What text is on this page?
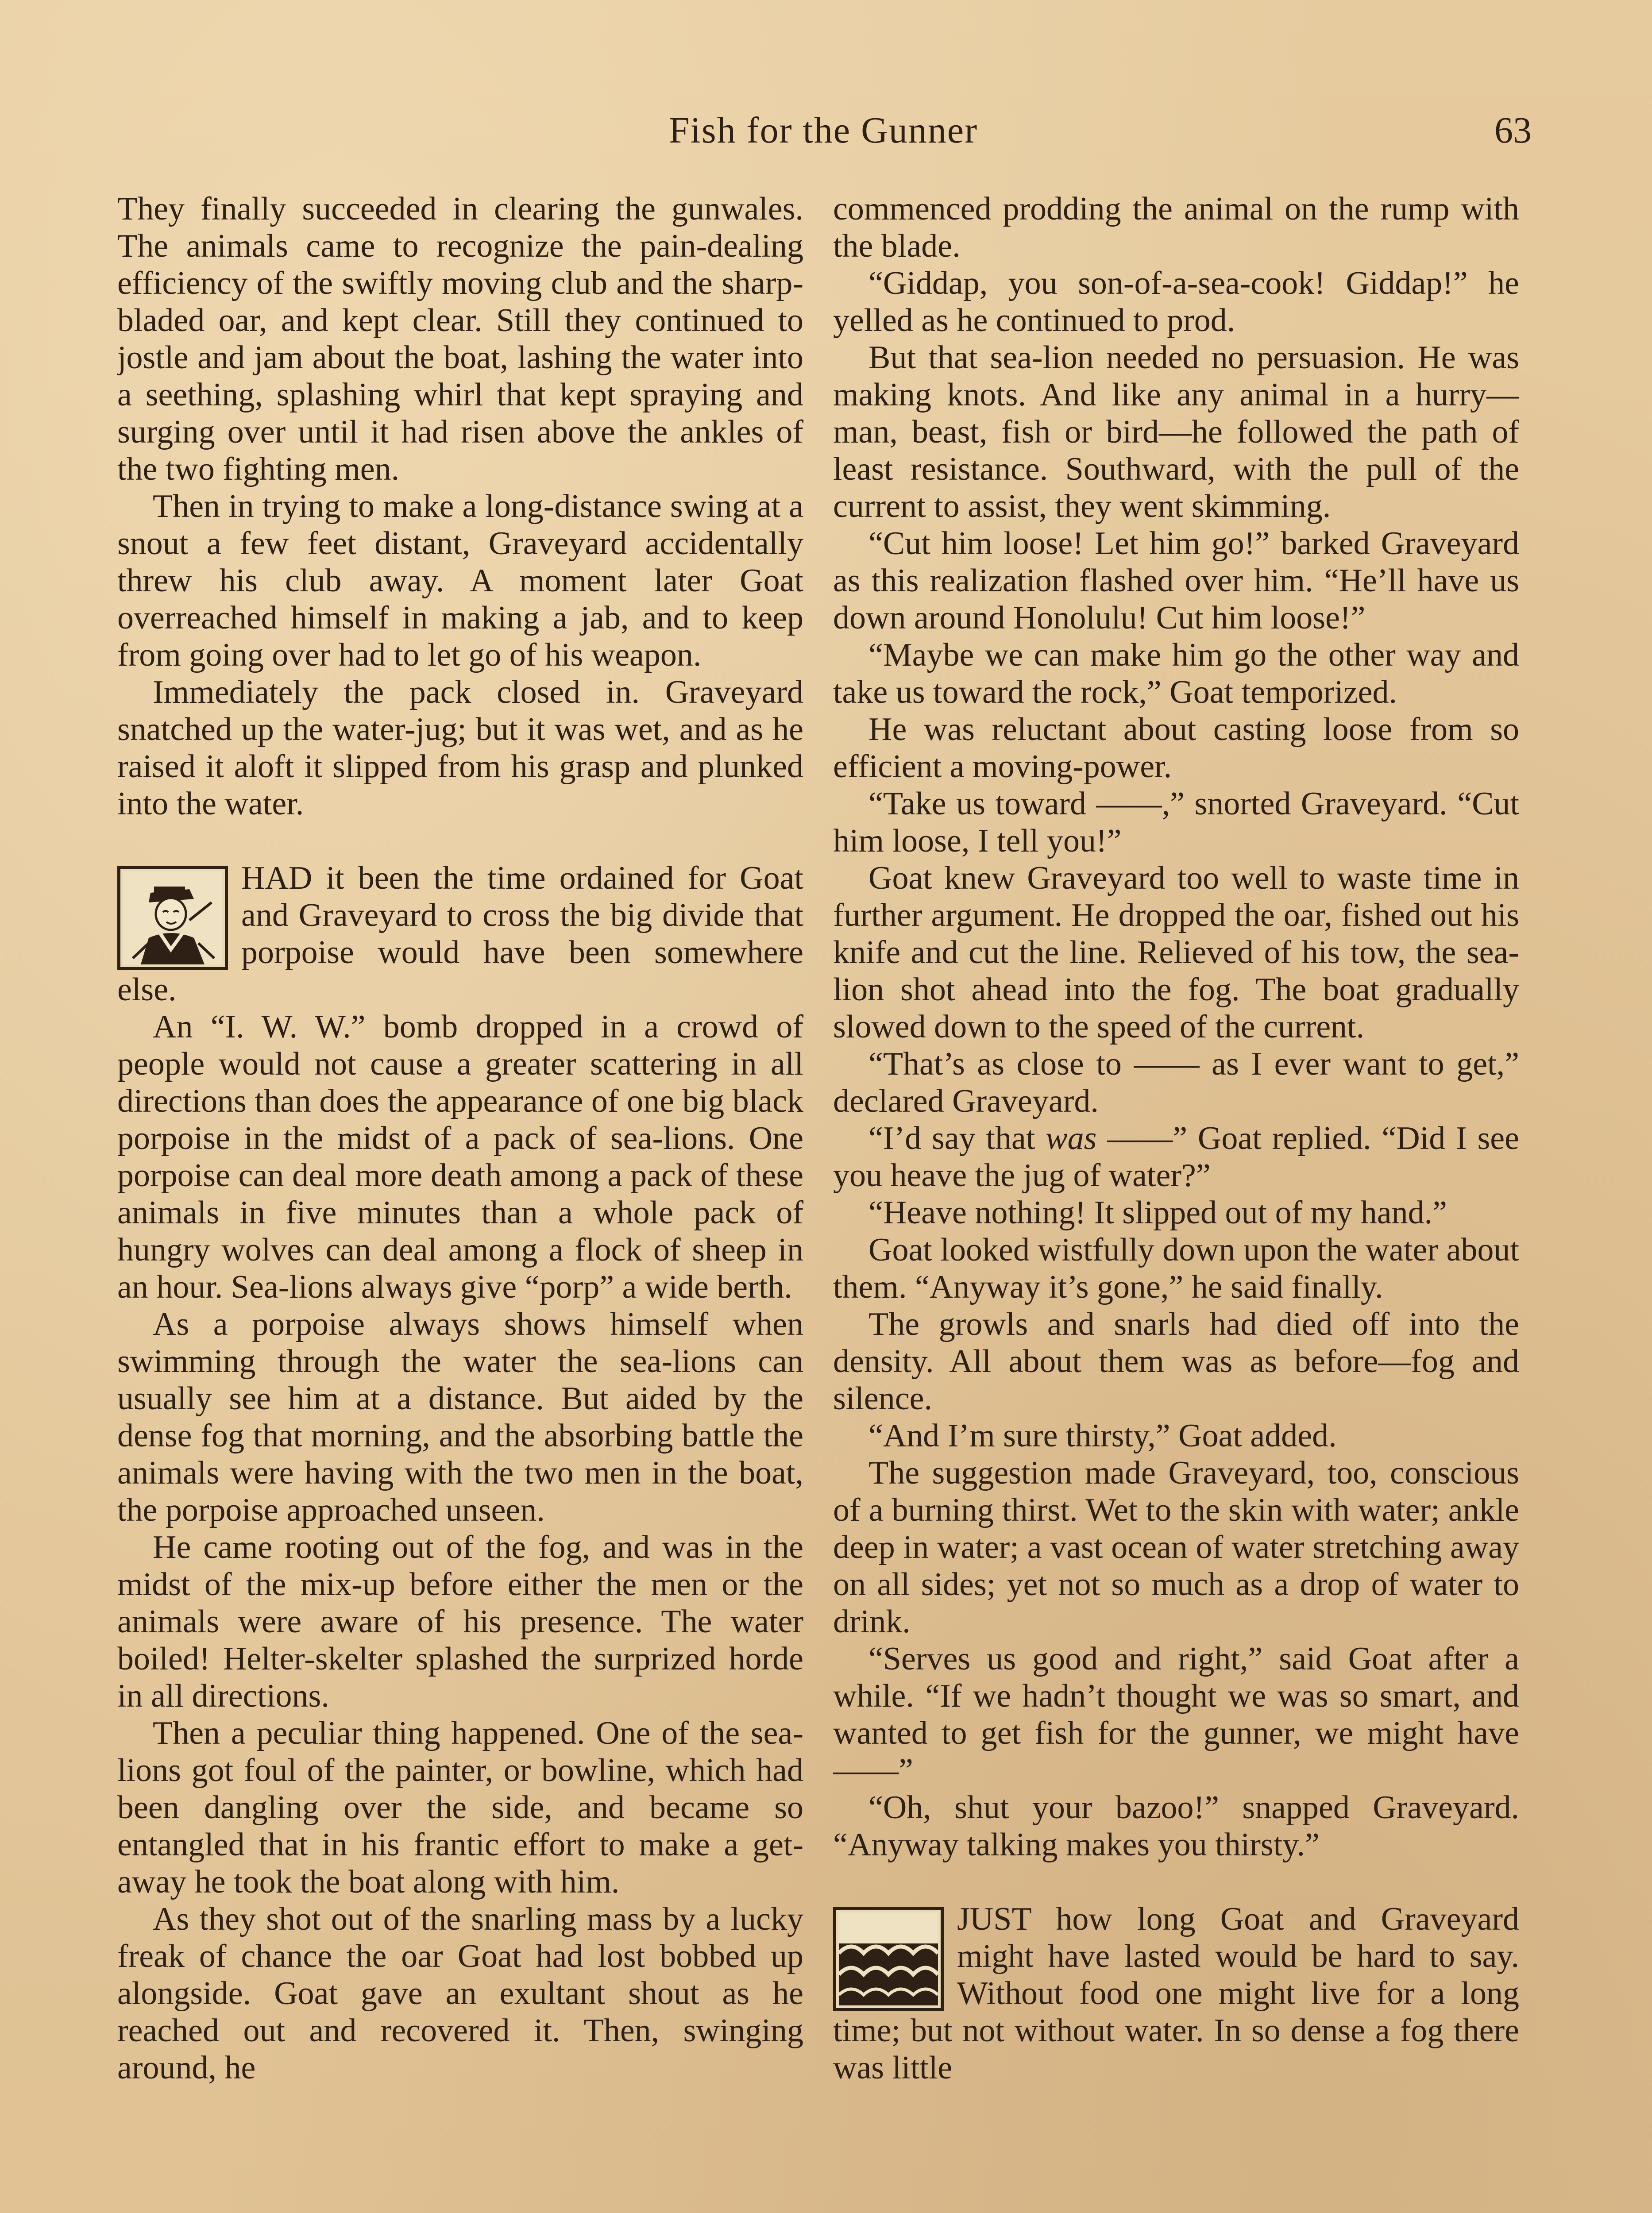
Fish for the Gunner	63

They finally succeeded in clearing the gunwales. The animals came to recognize the pain-dealing efficiency of the swiftly moving club and the sharp-bladed oar, and kept clear. Still they continued to jostle and jam about the boat, lashing the water into a seething, splashing whirl that kept spraying and surging over until it had risen above the ankles of the two fighting men.

Then in trying to make a long-distance swing at a snout a few feet distant, Graveyard accidentally threw his club away. A moment later Goat overreached himself in making a jab, and to keep from going over had to let go of his weapon.

Immediately the pack closed in. Graveyard snatched up the water-jug; but it was wet, and as he raised it aloft it slipped from his grasp and plunked into the water.

HAD it been the time ordained for Goat and Graveyard to cross the big divide that porpoise would have been somewhere else.

An “I. W. W.” bomb dropped in a crowd of people would not cause a greater scattering in all directions than does the appearance of one big black porpoise in the midst of a pack of sea-lions. One porpoise can deal more death among a pack of these animals in five minutes than a whole pack of hungry wolves can deal among a flock of sheep in an hour. Sea-lions always give “porp” a wide berth.

As a porpoise always shows himself when swimming through the water the sea-lions can usually see him at a distance. But aided by the dense fog that morning, and the absorbing battle the animals were having with the two men in the boat, the porpoise approached unseen.

He came rooting out of the fog, and was in the midst of the mix-up before either the men or the animals were aware of his presence. The water boiled! Helter-skelter splashed the surprized horde in all directions.

Then a peculiar thing happened. One of the sea-lions got foul of the painter, or bowline, which had been dangling over the side, and became so entangled that in his frantic effort to make a get-away he took the boat along with him.

As they shot out of the snarling mass by a lucky freak of chance the oar Goat had lost bobbed up alongside. Goat gave an exultant shout as he reached out and recovered it. Then, swinging around, he

commenced prodding the animal on the rump with the blade.

“Giddap, you son-of-a-sea-cook! Giddap!” he yelled as he continued to prod.

But that sea-lion needed no persuasion. He was making knots. And like any animal in a hurry—man, beast, fish or bird—he followed the path of least resistance. Southward, with the pull of the current to assist, they went skimming.

“Cut him loose! Let him go!” barked Graveyard as this realization flashed over him. “He’ll have us down around Honolulu! Cut him loose!”

“Maybe we can make him go the other way and take us toward the rock,” Goat temporized.

He was reluctant about casting loose from so efficient a moving-power.

“Take us toward ——,” snorted Graveyard. “Cut him loose, I tell you!”

Goat knew Graveyard too well to waste time in further argument. He dropped the oar, fished out his knife and cut the line. Relieved of his tow, the sea-lion shot ahead into the fog. The boat gradually slowed down to the speed of the current.

“That’s as close to —— as I ever want to get,” declared Graveyard.

“I’d say that was ——” Goat replied. “Did I see you heave the jug of water?”

“Heave nothing! It slipped out of my hand.”

Goat looked wistfully down upon the water about them. “Anyway it’s gone,” he said finally.

The growls and snarls had died off into the density. All about them was as before—fog and silence.

“And I’m sure thirsty,” Goat added.

The suggestion made Graveyard, too, conscious of a burning thirst. Wet to the skin with water; ankle deep in water; a vast ocean of water stretching away on all sides; yet not so much as a drop of water to drink.

“Serves us good and right,” said Goat after a while. “If we hadn’t thought we was so smart, and wanted to get fish for the gunner, we might have ——”

“Oh, shut your bazoo!” snapped Graveyard. “Anyway talking makes you thirsty.”

JUST how long Goat and Graveyard might have lasted would be hard to say. Without food one might live for a long time; but not without water. In so dense a fog there was little
